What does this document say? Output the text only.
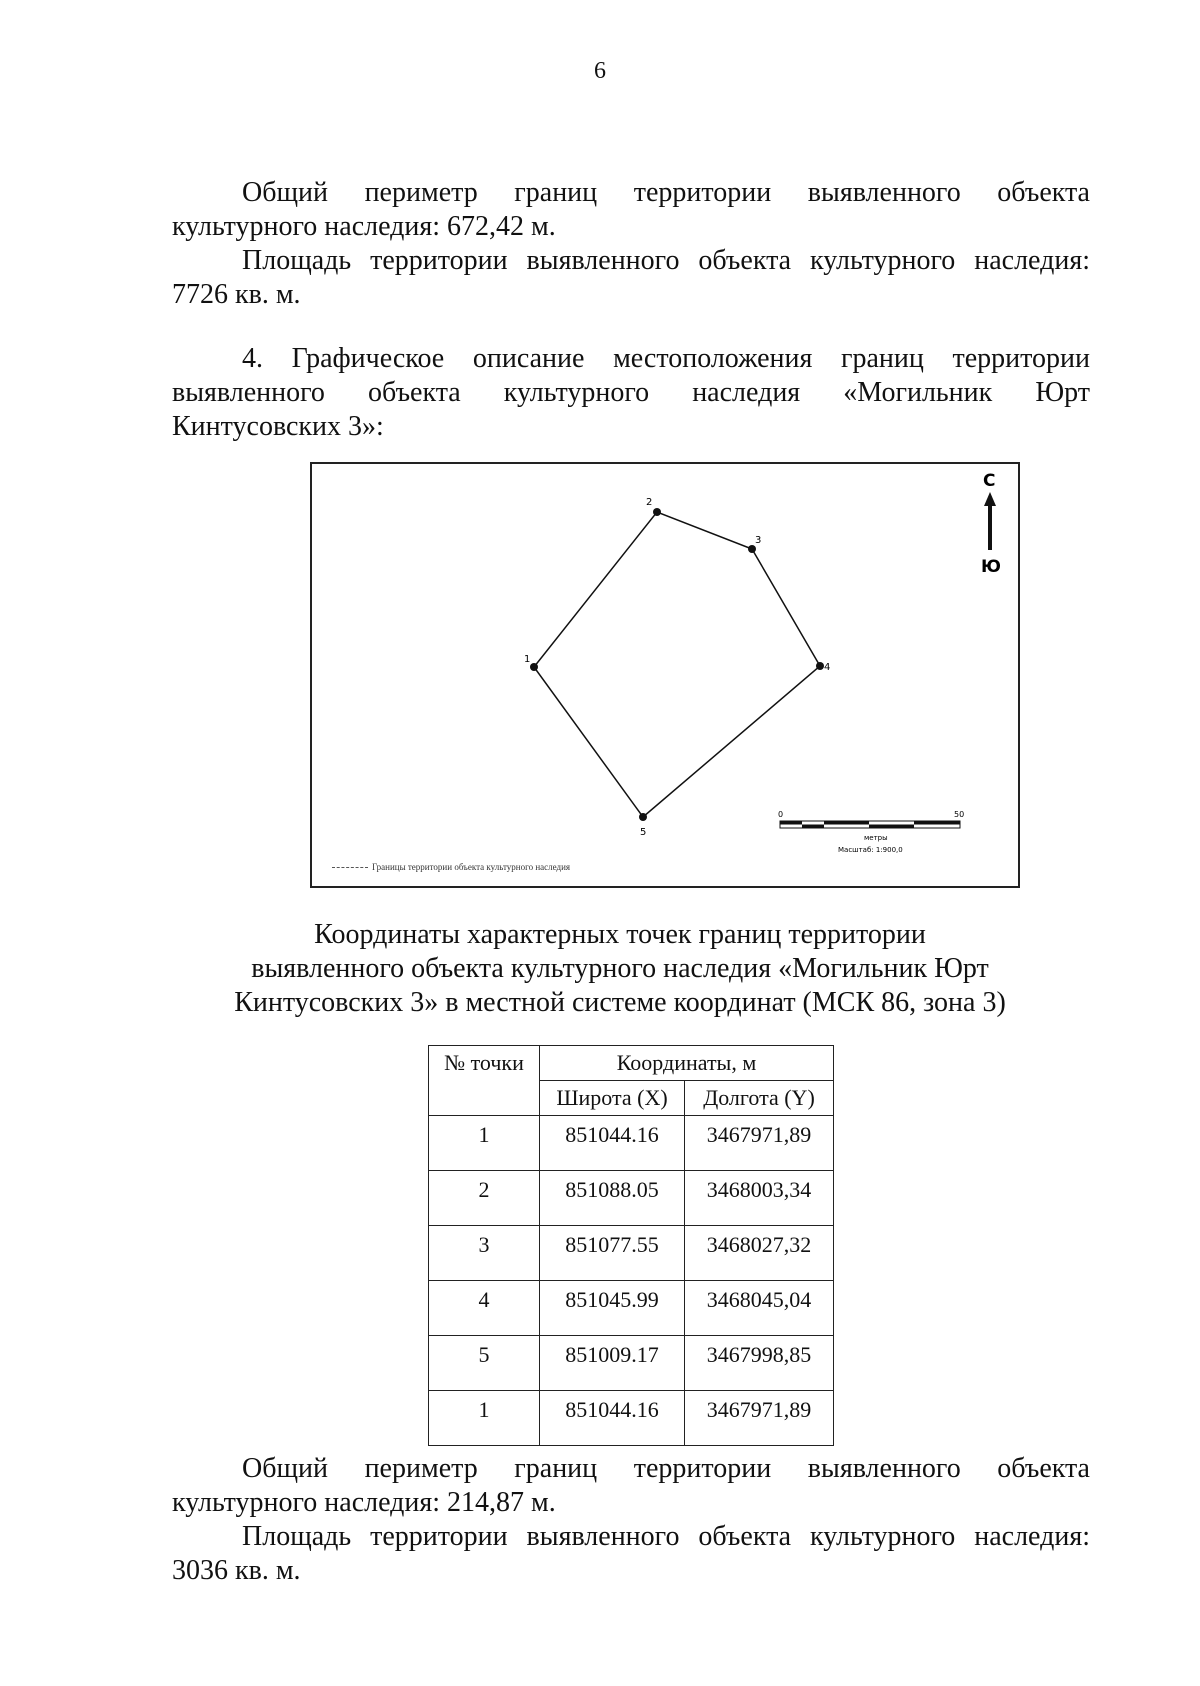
6
Общий периметр границ территории выявленного объекта
культурного наследия: 672,42 м.
Площадь территории выявленного объекта культурного наследия:
7726 кв. м.
4. Графическое описание местоположения границ территории
выявленного объекта культурного наследия «Могильник Юрт
Кинтусовских 3»:
1
2
3
4
5
С
Ю
0	50
метры
Масштаб: 1:900,0
Границы территории объекта культурного наследия
Координаты характерных точек границ территории
выявленного объекта культурного наследия «Могильник Юрт
Кинтусовских 3» в местной системе координат (МСК 86, зона 3)
№ точки	Координаты, м	
	Широта (X)	Долгота (Y)
1	851044.16	3467971,89
2	851088.05	3468003,34
3	851077.55	3468027,32
4	851045.99	3468045,04
5	851009.17	3467998,85
1	851044.16	3467971,89
Общий периметр границ территории выявленного объекта
культурного наследия: 214,87 м.
Площадь территории выявленного объекта культурного наследия:
3036 кв. м.
